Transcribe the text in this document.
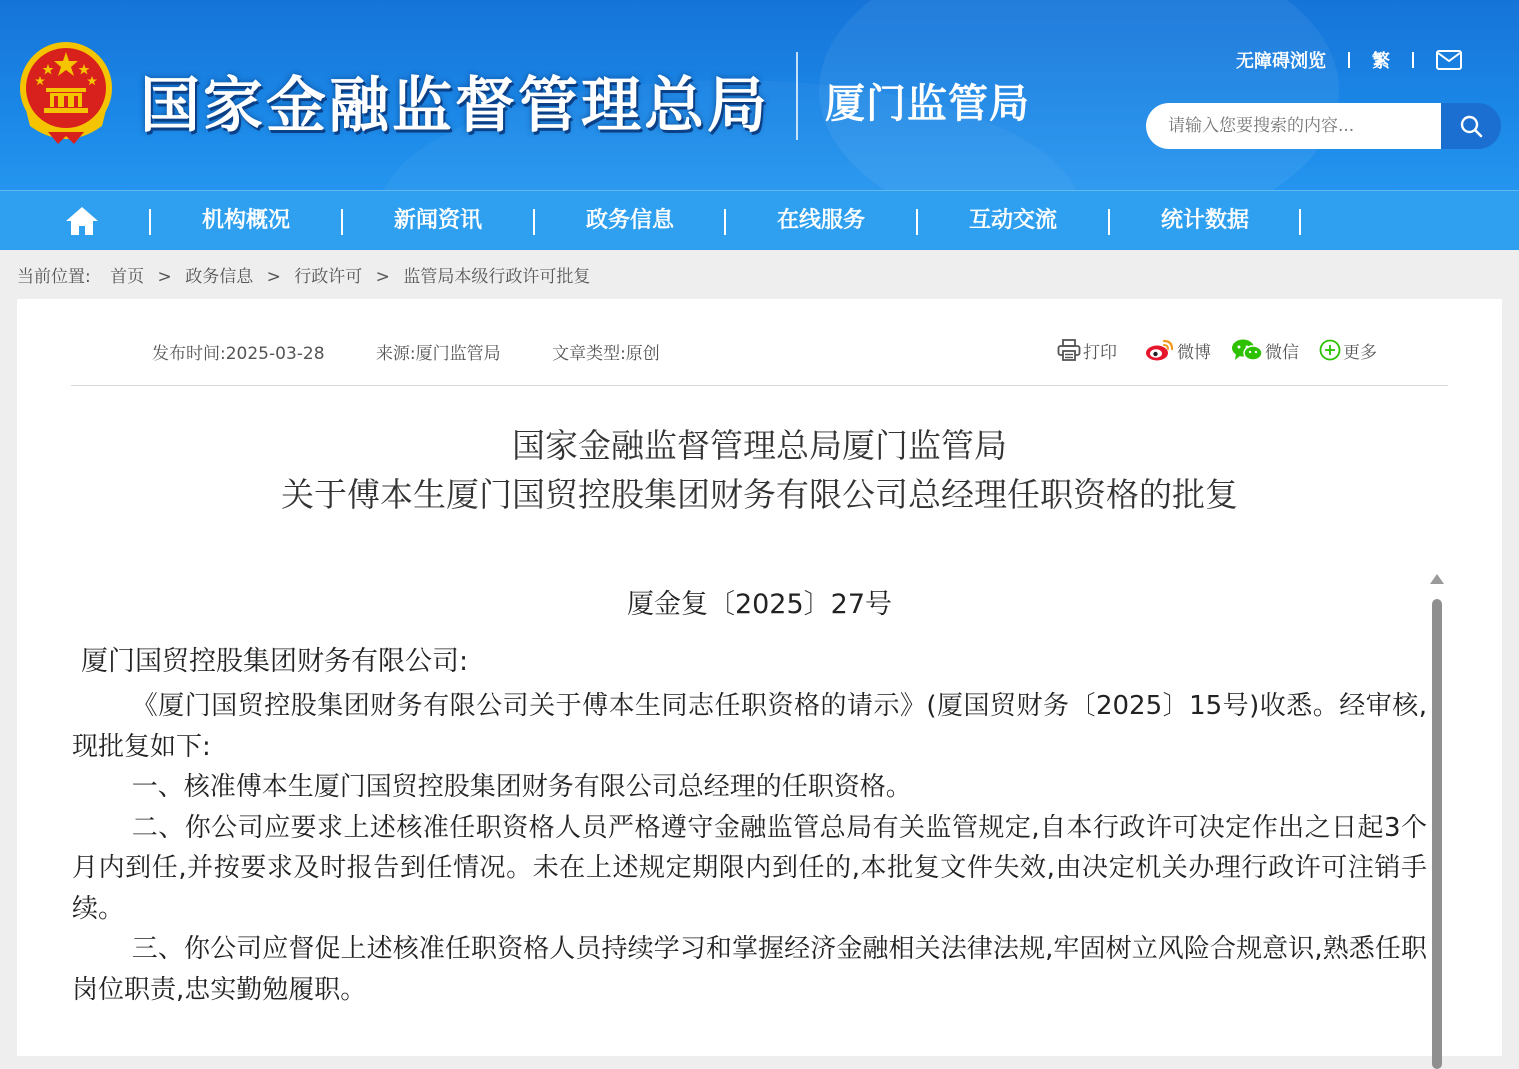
国家金融监督管理总局 厦门监管局
无障碍浏览	繁
请输入您要搜索的内容...
机构概况	新闻资讯	政务信息	在线服务	互动交流	统计数据
当前位置: 首页 > 政务信息 > 行政许可 > 监管局本级行政许可批复
发布时间:2025-03-28	来源:厦门监管局	文章类型:原创	打印	微博	微信	更多
国家金融监督管理总局厦门监管局
关于傅本生厦门国贸控股集团财务有限公司总经理任职资格的批复
厦金复〔2025〕27号
厦门国贸控股集团财务有限公司:

《厦门国贸控股集团财务有限公司关于傅本生同志任职资格的请示》(厦国贸财务〔2025〕15号)收悉。经审核,现批复如下:

一、核准傅本生厦门国贸控股集团财务有限公司总经理的任职资格。

二、你公司应要求上述核准任职资格人员严格遵守金融监管总局有关监管规定,自本行政许可决定作出之日起3个月内到任,并按要求及时报告到任情况。未在上述规定期限内到任的,本批复文件失效,由决定机关办理行政许可注销手续。

三、你公司应督促上述核准任职资格人员持续学习和掌握经济金融相关法律法规,牢固树立风险合规意识,熟悉任职岗位职责,忠实勤勉履职。
